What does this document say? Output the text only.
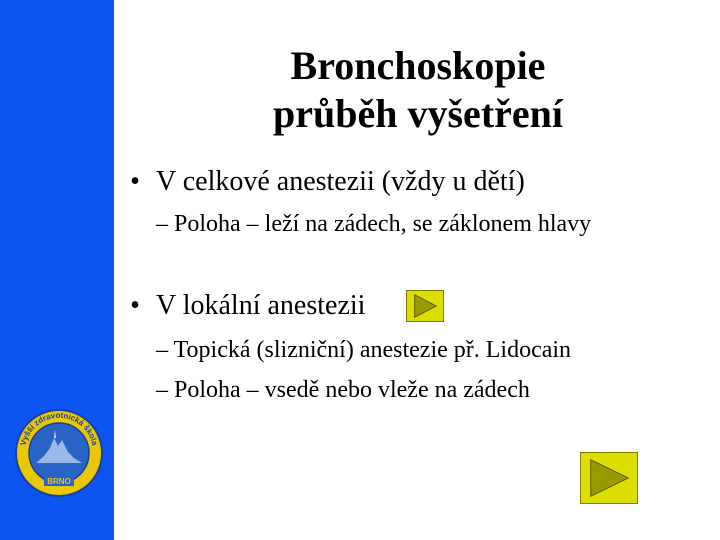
BRNO
Vyšší zdravotnická škola
Bronchoskopie
průběh vyšetření
• V celkové anestezii (vždy u dětí)
– Poloha – leží na zádech, se záklonem hlavy
• V lokální anestezii
– Topická (slizniční) anestezie př. Lidocain
– Poloha – vsedě nebo vleže na zádech
